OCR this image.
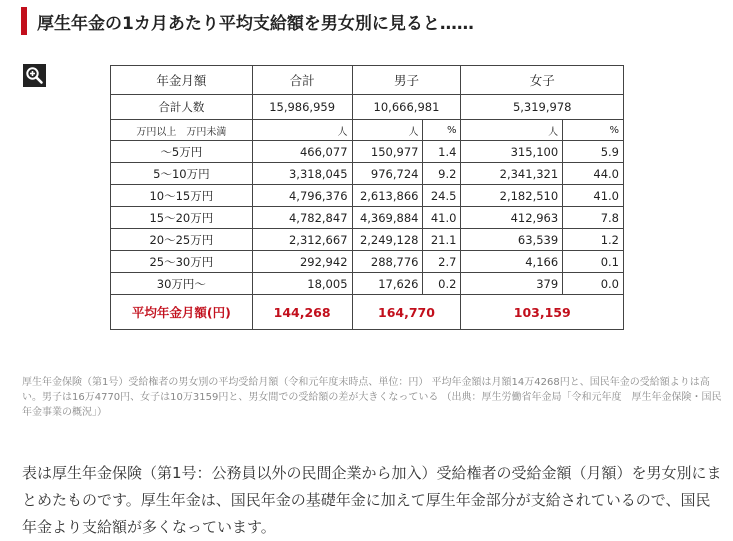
厚生年金の1カ月あたり平均支給額を男女別に見ると……
年金月額	合計	男子		女子	
合計人数	15,986,959	10,666,981		5,319,978	
万円以上　万円未満	人	人	%	人	%
～5万円	466,077	150,977	1.4	315,100	5.9
5～10万円	3,318,045	976,724	9.2	2,341,321	44.0
10～15万円	4,796,376	2,613,866	24.5	2,182,510	41.0
15～20万円	4,782,847	4,369,884	41.0	412,963	7.8
20～25万円	2,312,667	2,249,128	21.1	63,539	1.2
25～30万円	292,942	288,776	2.7	4,166	0.1
30万円～	18,005	17,626	0.2	379	0.0
平均年金月額(円)	144,268	164,770		103,159	
厚生年金保険（第1号）受給権者の男女別の平均受給月額（令和元年度末時点、単位：円） 平均年金額は月額14万4268円と、国民年金の受給額よりは高い。男子は16万4770円、女子は10万3159円と、男女間での受給額の差が大きくなっている （出典：厚生労働省年金局「令和元年度　厚生年金保険・国民年金事業の概況」）
表は厚生年金保険（第1号：公務員以外の民間企業から加入）受給権者の受給金額（月額）を男女別にまとめたものです。厚生年金は、国民年金の基礎年金に加えて厚生年金部分が支給されているので、国民年金より支給額が多くなっています。
